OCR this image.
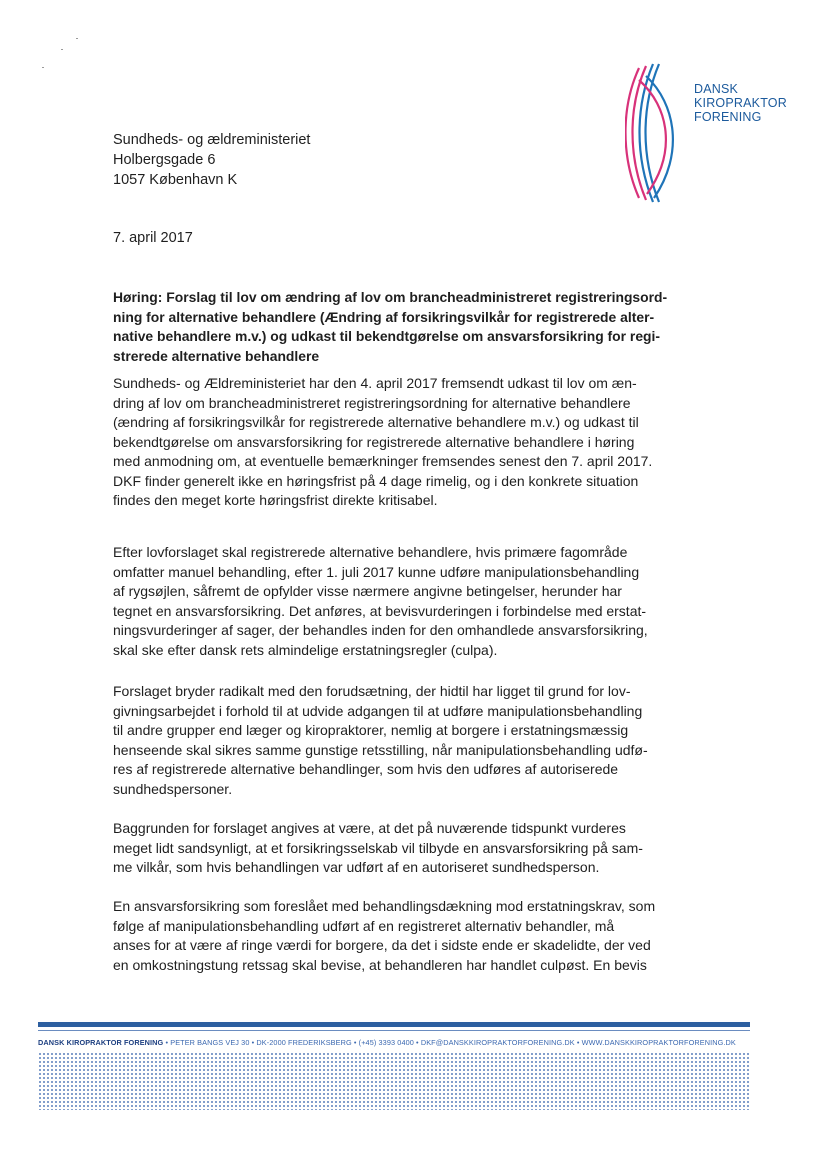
DANSK
KIROPRAKTOR
FORENING
Sundheds- og ældreministeriet
Holbergsgade 6
1057 København K
7. april 2017
Høring: Forslag til lov om ændring af lov om brancheadministreret registreringsord-
ning for alternative behandlere (Ændring af forsikringsvilkår for registrerede alter-
native behandlere m.v.) og udkast til bekendtgørelse om ansvarsforsikring for regi-
strerede alternative behandlere
Sundheds- og Ældreministeriet har den 4. april 2017 fremsendt udkast til lov om æn-
dring af lov om brancheadministreret registreringsordning for alternative behandlere
(ændring af forsikringsvilkår for registrerede alternative behandlere m.v.) og udkast til
bekendtgørelse om ansvarsforsikring for registrerede alternative behandlere i høring
med anmodning om, at eventuelle bemærkninger fremsendes senest den 7. april 2017.
DKF finder generelt ikke en høringsfrist på 4 dage rimelig, og i den konkrete situation
findes den meget korte høringsfrist direkte kritisabel.
Efter lovforslaget skal registrerede alternative behandlere, hvis primære fagområde
omfatter manuel behandling, efter 1. juli 2017 kunne udføre manipulationsbehandling
af rygsøjlen, såfremt de opfylder visse nærmere angivne betingelser, herunder har
tegnet en ansvarsforsikring. Det anføres, at bevisvurderingen i forbindelse med erstat-
ningsvurderinger af sager, der behandles inden for den omhandlede ansvarsforsikring,
skal ske efter dansk rets almindelige erstatningsregler (culpa).
Forslaget bryder radikalt med den forudsætning, der hidtil har ligget til grund for lov-
givningsarbejdet i forhold til at udvide adgangen til at udføre manipulationsbehandling
til andre grupper end læger og kiropraktorer, nemlig at borgere i erstatningsmæssig
henseende skal sikres samme gunstige retsstilling, når manipulationsbehandling udfø-
res af registrerede alternative behandlinger, som hvis den udføres af autoriserede
sundhedspersoner.
Baggrunden for forslaget angives at være, at det på nuværende tidspunkt vurderes
meget lidt sandsynligt, at et forsikringsselskab vil tilbyde en ansvarsforsikring på sam-
me vilkår, som hvis behandlingen var udført af en autoriseret sundhedsperson.
En ansvarsforsikring som foreslået med behandlingsdækning mod erstatningskrav, som
følge af manipulationsbehandling udført af en registreret alternativ behandler, må
anses for at være af ringe værdi for borgere, da det i sidste ende er skadelidte, der ved
en omkostningstung retssag skal bevise, at behandleren har handlet culpøst. En bevis
DANSK KIROPRAKTOR FORENING • PETER BANGS VEJ 30 • DK-2000 FREDERIKSBERG • (+45) 3393 0400 • DKF@DANSKKIROPRAKTORFORENING.DK • WWW.DANSKKIROPRAKTORFORENING.DK
